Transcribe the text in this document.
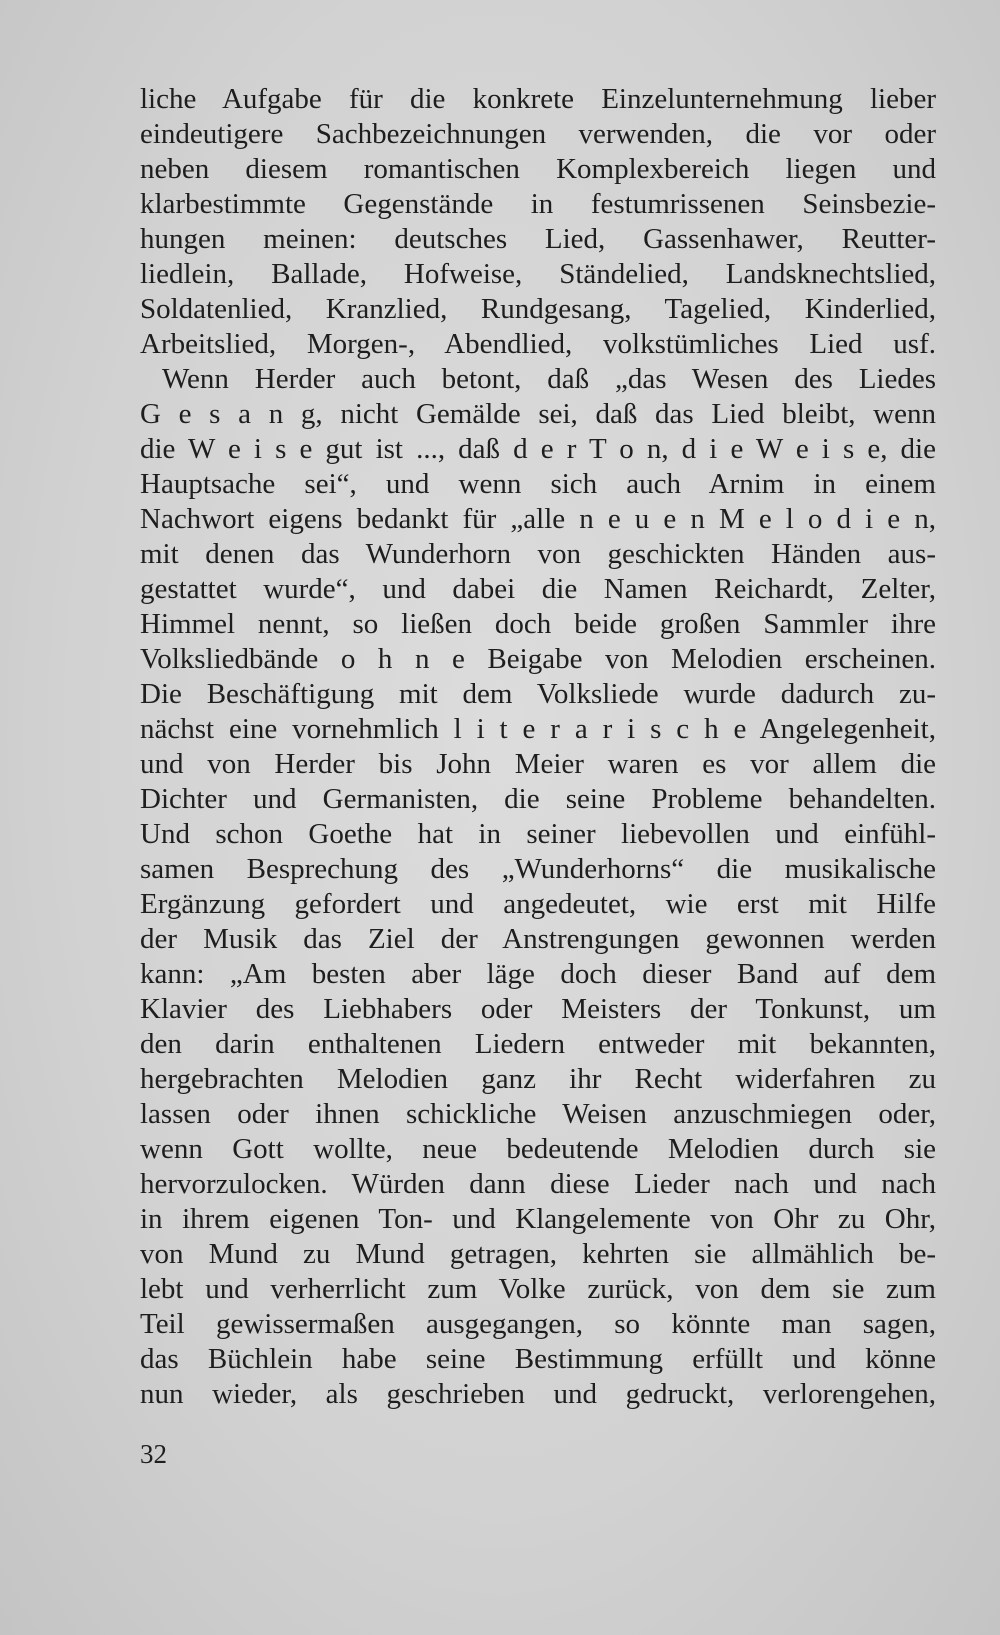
liche Aufgabe für die konkrete Einzelunternehmung lieber
eindeutigere Sachbezeichnungen verwenden, die vor oder
neben diesem romantischen Komplexbereich liegen und
klarbestimmte Gegenstände in festumrissenen Seinsbezie-
hungen meinen: deutsches Lied, Gassenhawer, Reutter-
liedlein, Ballade, Hofweise, Ständelied, Landsknechtslied,
Soldatenlied, Kranzlied, Rundgesang, Tagelied, Kinderlied,
Arbeitslied, Morgen-, Abendlied, volkstümliches Lied usf.
Wenn Herder auch betont, daß „das Wesen des Liedes
G e s a n g, nicht Gemälde sei, daß das Lied bleibt, wenn
die W e i s e gut ist ..., daß d e r T o n, d i e W e i s e, die
Hauptsache sei“, und wenn sich auch Arnim in einem
Nachwort eigens bedankt für „alle n e u e n M e l o d i e n,
mit denen das Wunderhorn von geschickten Händen aus-
gestattet wurde“, und dabei die Namen Reichardt, Zelter,
Himmel nennt, so ließen doch beide großen Sammler ihre
Volksliedbände o h n e Beigabe von Melodien erscheinen.
Die Beschäftigung mit dem Volksliede wurde dadurch zu-
nächst eine vornehmlich l i t e r a r i s c h e Angelegenheit,
und von Herder bis John Meier waren es vor allem die
Dichter und Germanisten, die seine Probleme behandelten.
Und schon Goethe hat in seiner liebevollen und einfühl-
samen Besprechung des „Wunderhorns“ die musikalische
Ergänzung gefordert und angedeutet, wie erst mit Hilfe
der Musik das Ziel der Anstrengungen gewonnen werden
kann: „Am besten aber läge doch dieser Band auf dem
Klavier des Liebhabers oder Meisters der Tonkunst, um
den darin enthaltenen Liedern entweder mit bekannten,
hergebrachten Melodien ganz ihr Recht widerfahren zu
lassen oder ihnen schickliche Weisen anzuschmiegen oder,
wenn Gott wollte, neue bedeutende Melodien durch sie
hervorzulocken. Würden dann diese Lieder nach und nach
in ihrem eigenen Ton- und Klangelemente von Ohr zu Ohr,
von Mund zu Mund getragen, kehrten sie allmählich be-
lebt und verherrlicht zum Volke zurück, von dem sie zum
Teil gewissermaßen ausgegangen, so könnte man sagen,
das Büchlein habe seine Bestimmung erfüllt und könne
nun wieder, als geschrieben und gedruckt, verlorengehen,
32
